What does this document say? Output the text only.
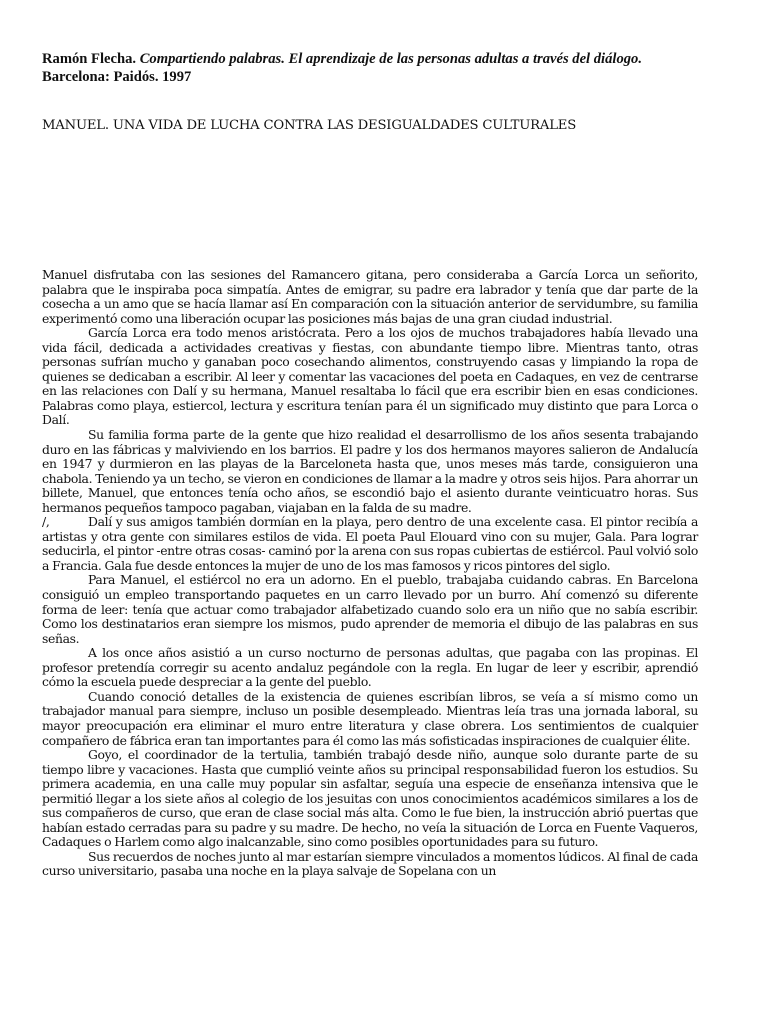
Ramón Flecha. Compartiendo palabras. El aprendizaje de las personas adultas a través del diálogo. Barcelona: Paidós. 1997
MANUEL. UNA VIDA DE LUCHA CONTRA LAS DESIGUALDADES CULTURALES

Manuel disfrutaba con las sesiones del Ramancero gitana, pero consideraba a García Lorca un señorito, palabra que le inspiraba poca simpatía. Antes de emigrar, su padre era labrador y tenía que dar parte de la cosecha a un amo que se hacía llamar así En comparación con la situación anterior de servidumbre, su familia experimentó como una liberación ocupar las posiciones más bajas de una gran ciudad industrial.

García Lorca era todo menos aristócrata. Pero a los ojos de muchos trabajadores había llevado una vida fácil, dedicada a actividades creativas y fiestas, con abundante tiempo libre. Mientras tanto, otras personas sufrían mucho y ganaban poco cosechando alimentos, construyendo casas y limpiando la ropa de quienes se dedicaban a escribir. Al leer y comentar las vacaciones del poeta en Cadaques, en vez de centrarse en las relaciones con Dalí y su hermana, Manuel resaltaba lo fácil que era escribir bien en esas condiciones. Palabras como playa, estiercol, lectura y escritura tenían para él un significado muy distinto que para Lorca o Dalí.

Su familia forma parte de la gente que hizo realidad el desarrollismo de los años sesenta trabajando duro en las fábricas y malviviendo en los barrios. El padre y los dos hermanos mayores salieron de Andalucía en 1947 y durmieron en las playas de la Barceloneta hasta que, unos meses más tarde, consiguieron una chabola. Teniendo ya un techo, se vieron en condiciones de llamar a la madre y otros seis hijos. Para ahorrar un billete, Manuel, que entonces tenía ocho años, se escondió bajo el asiento durante veinticuatro horas. Sus hermanos pequeños tampoco pagaban, viajaban en la falda de su madre.

/,	Dalí y sus amigos también dormían en la playa, pero dentro de una excelente casa. El pintor recibía a artistas y otra gente con similares estilos de vida. El poeta Paul Elouard vino con su mujer, Gala. Para lograr seducirla, el pintor -entre otras cosas- caminó por la arena con sus ropas cubiertas de estiércol. Paul volvió solo a Francia. Gala fue desde entonces la mujer de uno de los mas famosos y ricos pintores del siglo.

Para Manuel, el estiércol no era un adorno. En el pueblo, trabajaba cuidando cabras. En Barcelona consiguió un empleo transportando paquetes en un carro llevado por un burro. Ahí comenzó su diferente forma de leer: tenía que actuar como trabajador alfabetizado cuando solo era un niño que no sabía escribir. Como los destinatarios eran siempre los mismos, pudo aprender de memoria el dibujo de las palabras en sus señas.

A los once años asistió a un curso nocturno de personas adultas, que pagaba con las propinas. El profesor pretendía corregir su acento andaluz pegándole con la regla. En lugar de leer y escribir, aprendió cómo la escuela puede despreciar a la gente del pueblo.

Cuando conoció detalles de la existencia de quienes escribían libros, se veía a sí mismo como un trabajador manual para siempre, incluso un posible desempleado. Mientras leía tras una jornada laboral, su mayor preocupación era eliminar el muro entre literatura y clase obrera. Los sentimientos de cualquier compañero de fábrica eran tan importantes para él como las más sofisticadas inspiraciones de cualquier élite.

Goyo, el coordinador de la tertulia, también trabajó desde niño, aunque solo durante parte de su tiempo libre y vacaciones. Hasta que cumplió veinte años su principal responsabilidad fueron los estudios. Su primera academia, en una calle muy popular sin asfaltar, seguía una especie de enseñanza intensiva que le permitió llegar a los siete años al colegio de los jesuitas con unos conocimientos académicos similares a los de sus compañeros de curso, que eran de clase social más alta. Como le fue bien, la instrucción abrió puertas que habían estado cerradas para su padre y su madre. De hecho, no veía la situación de Lorca en Fuente Vaqueros, Cadaques o Harlem como algo inalcanzable, sino como posibles oportunidades para su futuro.

Sus recuerdos de noches junto al mar estarían siempre vinculados a momentos lúdicos. Al final de cada curso universitario, pasaba una noche en la playa salvaje de Sopelana con un
